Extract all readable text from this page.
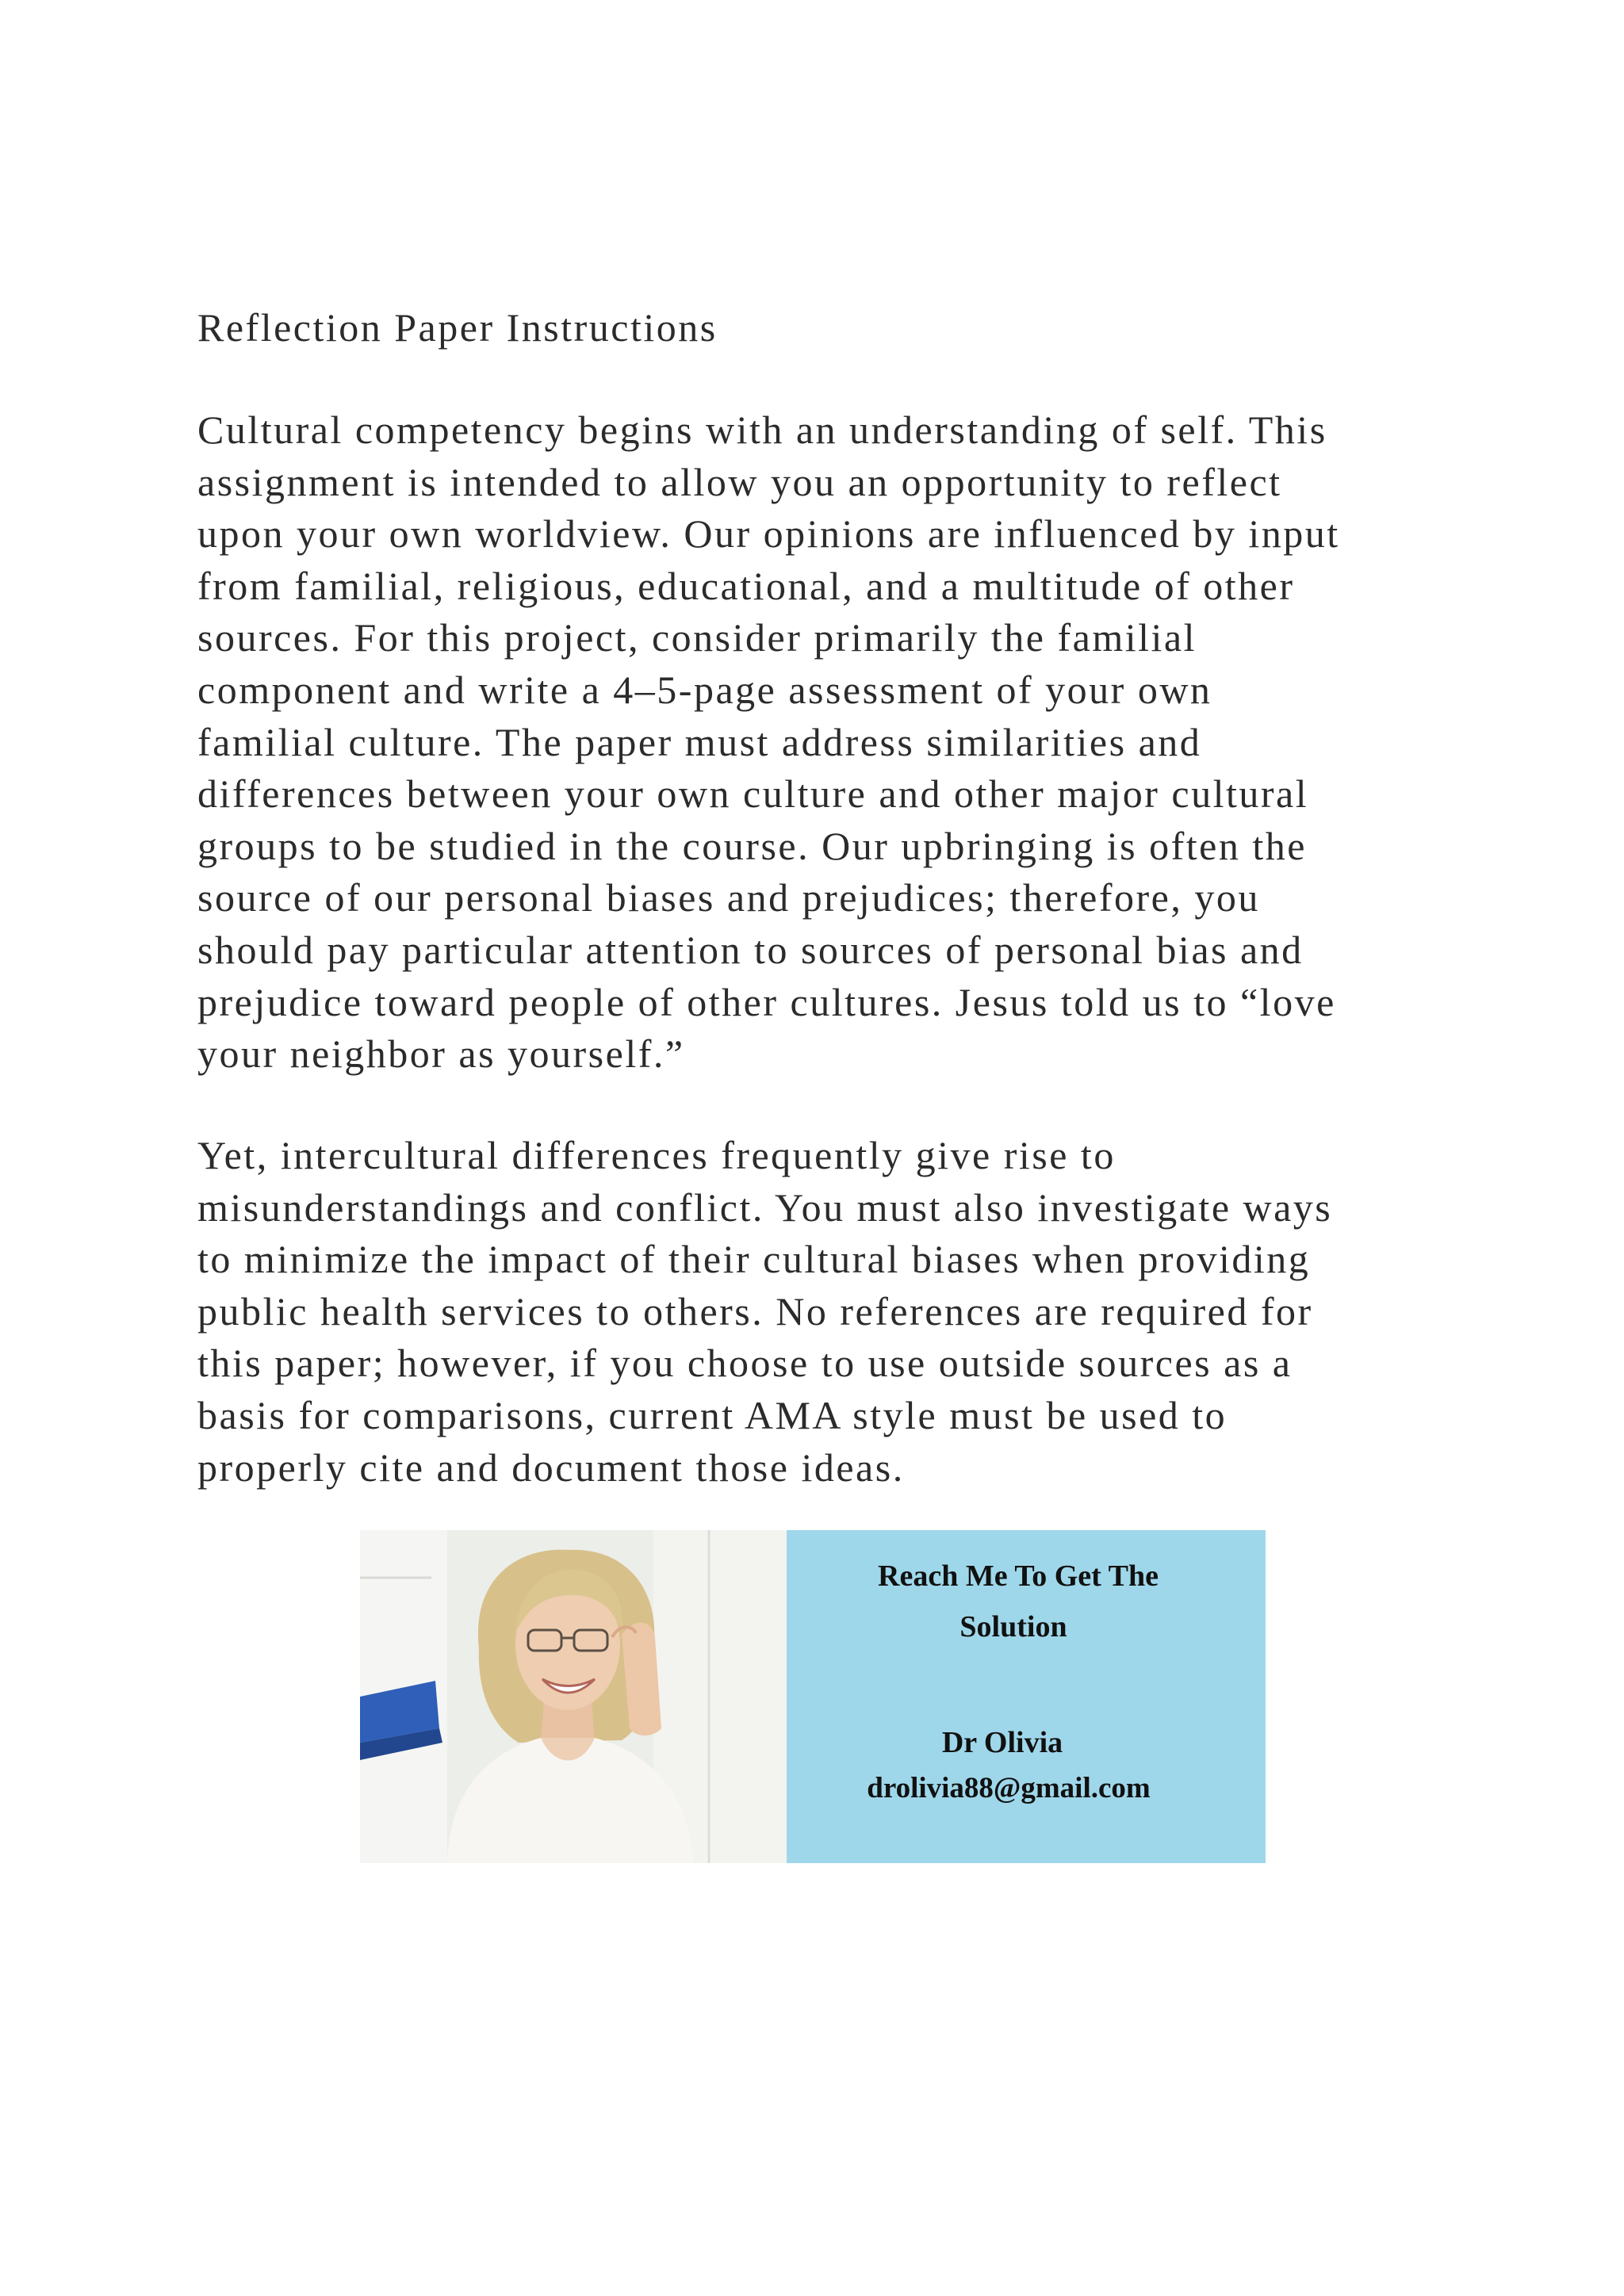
Reflection Paper Instructions

Cultural competency begins with an understanding of self. This
assignment is intended to allow you an opportunity to reflect
upon your own worldview. Our opinions are influenced by input
from familial, religious, educational, and a multitude of other
sources. For this project, consider primarily the familial
component and write a 4–5-page assessment of your own
familial culture. The paper must address similarities and
differences between your own culture and other major cultural
groups to be studied in the course. Our upbringing is often the
source of our personal biases and prejudices; therefore, you
should pay particular attention to sources of personal bias and
prejudice toward people of other cultures. Jesus told us to “love
your neighbor as yourself.”

Yet, intercultural differences frequently give rise to
misunderstandings and conflict. You must also investigate ways
to minimize the impact of their cultural biases when providing
public health services to others. No references are required for
this paper; however, if you choose to use outside sources as a
basis for comparisons, current AMA style must be used to
properly cite and document those ideas.

Reach Me To Get The

Solution

Dr Olivia

drolivia88@gmail.com
